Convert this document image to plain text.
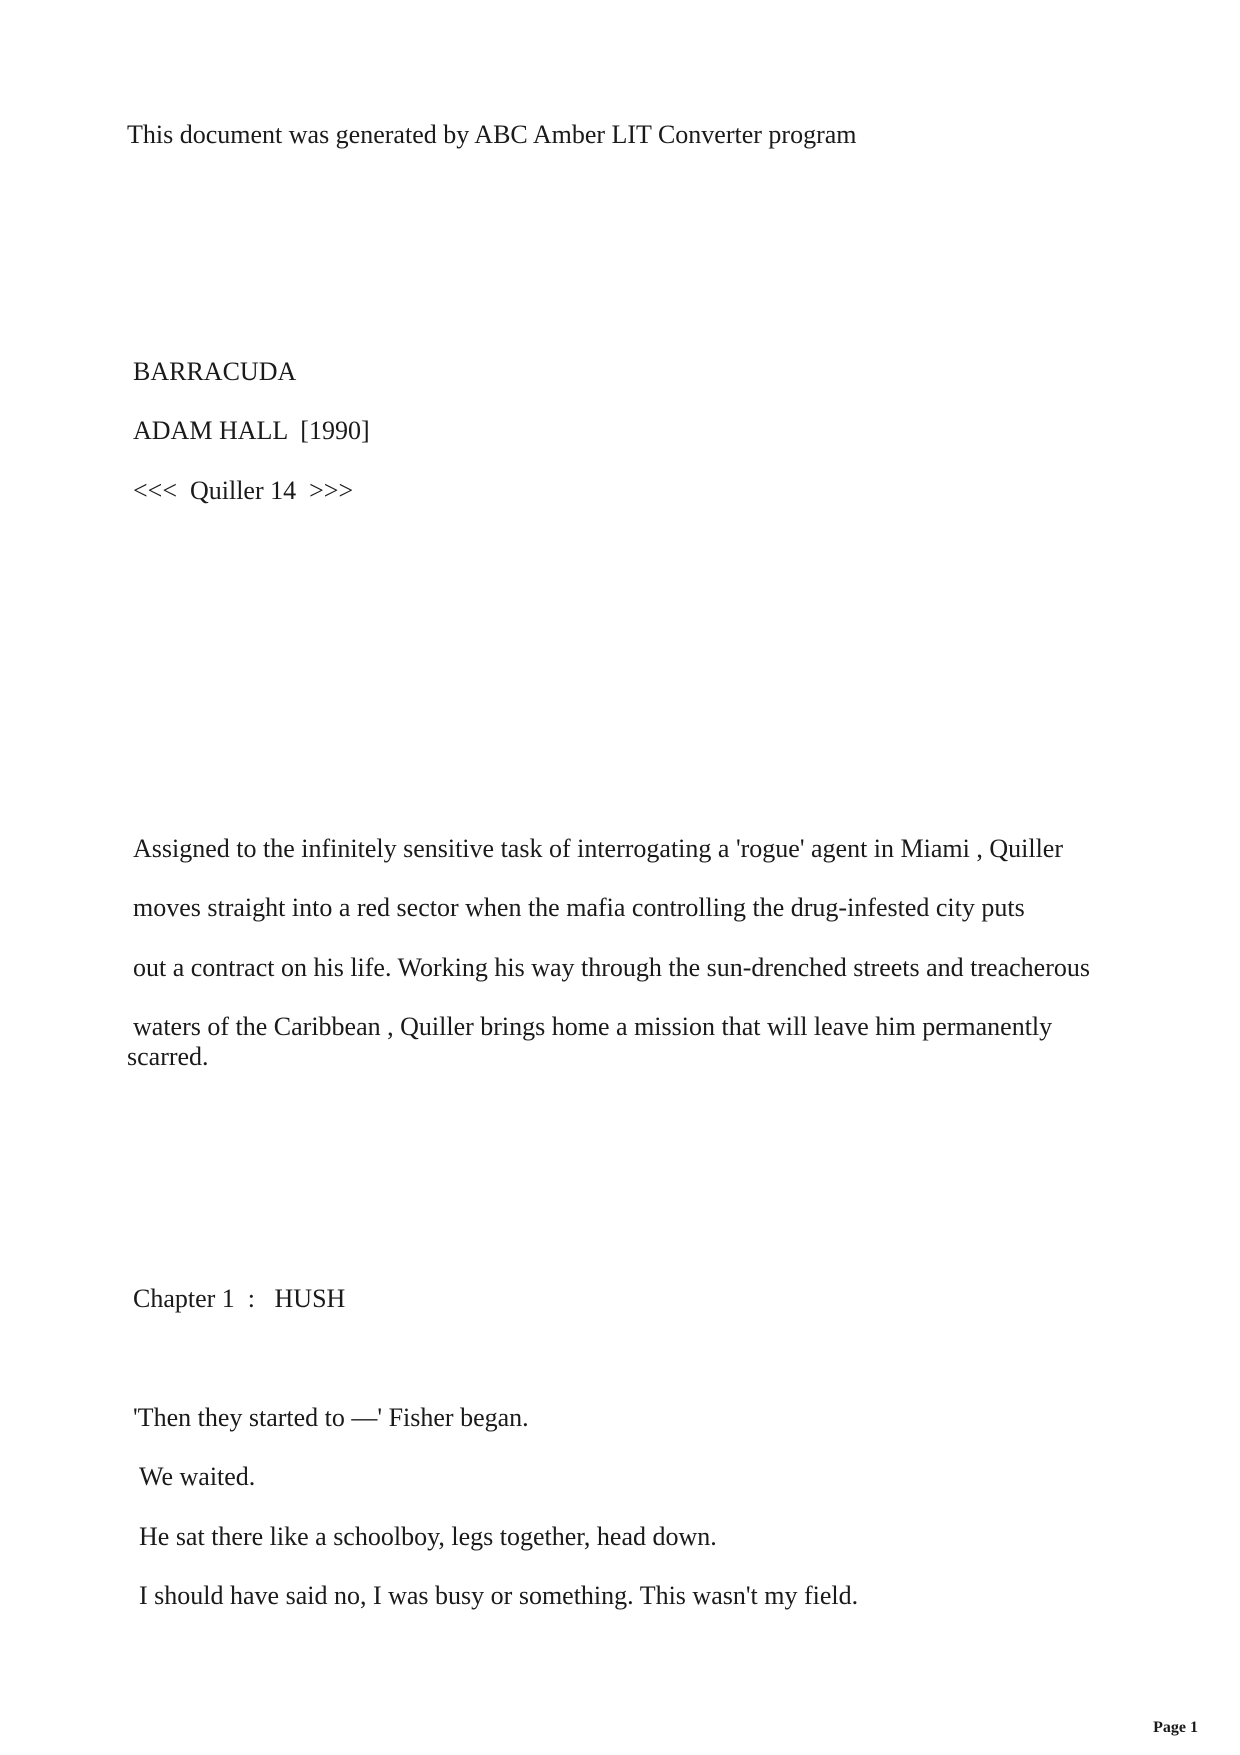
This document was generated by ABC Amber LIT Converter program

BARRACUDA

ADAM HALL  [1990]

<<<  Quiller 14  >>>

Assigned to the infinitely sensitive task of interrogating a 'rogue' agent in Miami , Quiller

moves straight into a red sector when the mafia controlling the drug-infested city puts

out a contract on his life. Working his way through the sun-drenched streets and treacherous

waters of the Caribbean , Quiller brings home a mission that will leave him permanently

scarred.

Chapter 1  :   HUSH

'Then they started to —' Fisher began.

We waited.

He sat there like a schoolboy, legs together, head down.

I should have said no, I was busy or something. This wasn't my field.

Page 1
